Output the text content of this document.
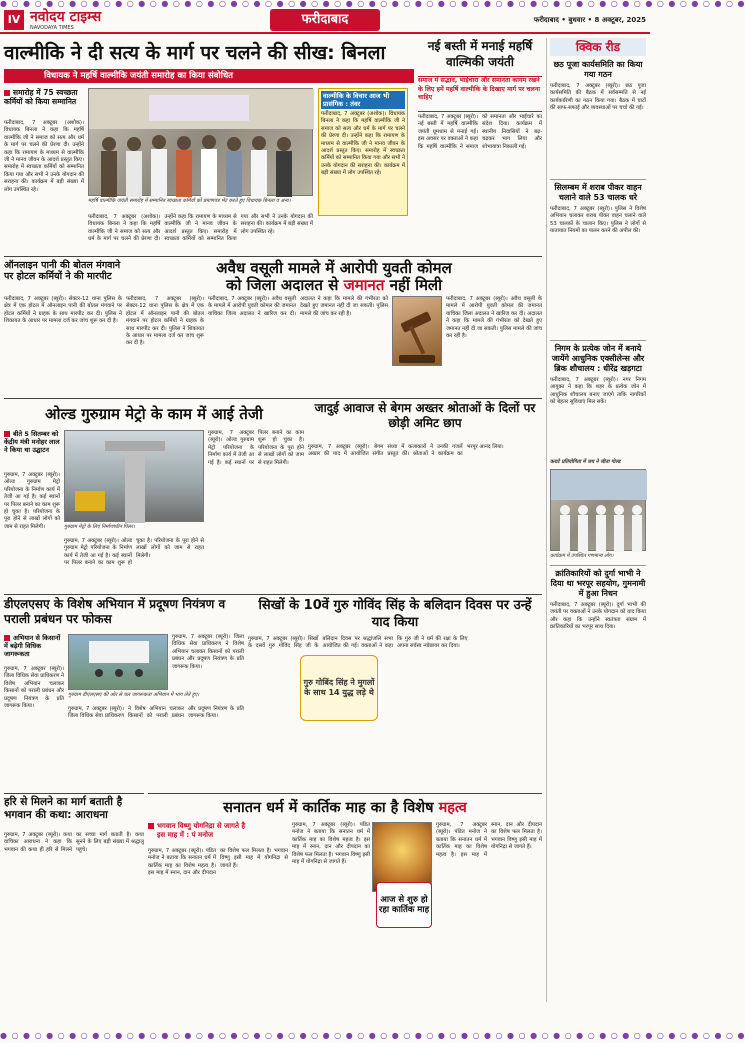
● ○ ● ○ ● ○ ● ○ ● ○ ● ○ ● ○ ● ○ ● ○ ● ○ ● ○ ● ○ ● ○ ● ○ ● ○ ● ○ ● ○ ● ○ ● ○ ● ○ ● ○ ● ○ ● ○ ● ○ ● ○ ● ○ ● ○ ● ○ ● ○ ● ○ ● ○ ● ○ ●
IV नवोदय टाइम्स
NAVODAYA TIMES
फरीदाबाद	फरीदाबाद • बुधवार • 8 अक्टूबर, 2025
वाल्मीकि ने दी सत्य के मार्ग पर चलने की सीख: बिनला
विधायक ने महर्षि वाल्मीकि जयंती समारोह का किया संबोधित
समारोह में 75 स्वच्छता कर्मियों को किया सम्मानित
फरीदाबाद, 7 अक्टूबर (अशोक)। विधायक बिनला ने कहा कि महर्षि वाल्मीकि जी ने समाज को सत्य और धर्म के मार्ग पर चलने की प्रेरणा दी। उन्होंने कहा कि रामायण के माध्यम से वाल्मीकि जी ने मानव जीवन के आदर्श प्रस्तुत किए। समारोह में स्वच्छता कर्मियों को सम्मानित किया गया और सभी ने उनके योगदान की सराहना की। कार्यक्रम में बड़ी संख्या में लोग उपस्थित रहे।
महर्षि वाल्मीकि जयंती समारोह में सम्मानित स्वच्छता कर्मियों को प्रमाणपत्र भेंट करते हुए विधायक बिनला व अन्य।
वाल्मीकि के विचार आज भी प्रासंगिक : तंवर
फरीदाबाद, 7 अक्टूबर (अशोक)। विधायक बिनला ने कहा कि महर्षि वाल्मीकि जी ने समाज को सत्य और धर्म के मार्ग पर चलने की प्रेरणा दी। उन्होंने कहा कि रामायण के माध्यम से वाल्मीकि जी ने मानव जीवन के आदर्श प्रस्तुत किए। समारोह में स्वच्छता कर्मियों को सम्मानित किया गया और सभी ने उनके योगदान की सराहना की। कार्यक्रम में बड़ी संख्या में लोग उपस्थित रहे।
फरीदाबाद, 7 अक्टूबर (अशोक)। विधायक बिनला ने कहा कि महर्षि वाल्मीकि जी ने समाज को सत्य और धर्म के मार्ग पर चलने की प्रेरणा दी। उन्होंने कहा कि रामायण के माध्यम से वाल्मीकि जी ने मानव जीवन के आदर्श प्रस्तुत किए। समारोह में स्वच्छता कर्मियों को सम्मानित किया गया और सभी ने उनके योगदान की सराहना की। कार्यक्रम में बड़ी संख्या में लोग उपस्थित रहे।
नई बस्ती में मनाई महर्षि वाल्मिकी जयंती
समाज में सद्भाव, भाईचारा और समानता कायम रखने के लिए हमें महर्षि वाल्मीकि के दिखाए मार्ग पर चलना चाहिए
फरीदाबाद, 7 अक्टूबर (ब्यूरो)। नई बस्ती में महर्षि वाल्मीकि जयंती धूमधाम से मनाई गई। इस अवसर पर वक्ताओं ने कहा कि महर्षि वाल्मीकि ने समाज को समानता और भाईचारे का संदेश दिया। कार्यक्रम में स्थानीय निवासियों ने बढ़-चढ़कर भाग लिया और शोभायात्रा निकाली गई।
क्विक रीड
छठ पूजा कार्यसमिति का किया गया गठन
फरीदाबाद, 7 अक्टूबर (ब्यूरो)। छठ पूजा कार्यसमिति की बैठक में सर्वसम्मति से नई कार्यकारिणी का गठन किया गया। बैठक में घाटों की साफ-सफाई और व्यवस्थाओं पर चर्चा की गई।
सिलम्बम में शराब पीकर वाहन चलाने वाले 53 चालक धरे
फरीदाबाद, 7 अक्टूबर (ब्यूरो)। पुलिस ने विशेष अभियान चलाकर शराब पीकर वाहन चलाने वाले 53 चालकों के चालान किए। पुलिस ने लोगों से यातायात नियमों का पालन करने की अपील की।
निगम के प्रत्येक जोन में बनाये जायेंगे आधुनिक एक्सीलेन्स और ब्रिक शौचालय : धीरेंद्र खड़गटा
फरीदाबाद, 7 अक्टूबर (ब्यूरो)। नगर निगम आयुक्त ने कहा कि शहर के प्रत्येक जोन में आधुनिक शौचालय बनाए जाएंगे ताकि नागरिकों को बेहतर सुविधाएं मिल सकें।
कराटे प्रतियोगिता में जय ने जीता गोल्ड
कार्यक्रम में उपस्थित गणमान्य लोग।
क्रांतिकारियों को दुर्गा भाभी ने दिया था भरपूर सहयोग, गुमनामी में हुआ निधन
फरीदाबाद, 7 अक्टूबर (ब्यूरो)। दुर्गा भाभी की जयंती पर वक्ताओं ने उनके योगदान को याद किया और कहा कि उन्होंने स्वतंत्रता संग्राम में क्रांतिकारियों का भरपूर साथ दिया।
ऑनलाइन पानी की बोतल मंगवाने पर होटल कर्मियों ने की मारपीट
फरीदाबाद, 7 अक्टूबर (ब्यूरो)। सेक्टर-12 थाना पुलिस के क्षेत्र में एक होटल में ऑनलाइन पानी की बोतल मंगवाने पर होटल कर्मियों ने ग्राहक के साथ मारपीट कर दी। पुलिस ने शिकायत के आधार पर मामला दर्ज कर जांच शुरू कर दी है।
फरीदाबाद, 7 अक्टूबर (ब्यूरो)। सेक्टर-12 थाना पुलिस के क्षेत्र में एक होटल में ऑनलाइन पानी की बोतल मंगवाने पर होटल कर्मियों ने ग्राहक के साथ मारपीट कर दी। पुलिस ने शिकायत के आधार पर मामला दर्ज कर जांच शुरू कर दी है।
अवैध वसूली मामले में आरोपी युवती कोमल
को जिला अदालत से जमानत नहीं मिली
फरीदाबाद, 7 अक्टूबर (ब्यूरो)। अवैध वसूली के मामले में आरोपी युवती कोमल की जमानत याचिका जिला अदालत ने खारिज कर दी। अदालत ने कहा कि मामले की गंभीरता को देखते हुए जमानत नहीं दी जा सकती। पुलिस मामले की जांच कर रही है।
फरीदाबाद, 7 अक्टूबर (ब्यूरो)। अवैध वसूली के मामले में आरोपी युवती कोमल की जमानत याचिका जिला अदालत ने खारिज कर दी। अदालत ने कहा कि मामले की गंभीरता को देखते हुए जमानत नहीं दी जा सकती। पुलिस मामले की जांच कर रही है।
ओल्ड गुरुग्राम मेट्रो के काम में आई तेजी
बीते 5 सितम्बर को केंद्रीय मंत्री मनोहर लाल ने किया था उद्घाटन
गुरुग्राम, 7 अक्टूबर (ब्यूरो)। ओल्ड गुरुग्राम मेट्रो परियोजना के निर्माण कार्य में तेजी आ गई है। कई स्थानों पर पिलर बनाने का काम शुरू हो चुका है। परियोजना के पूरा होने से लाखों लोगों को जाम से राहत मिलेगी।	गुरुग्राम मेट्रो के लिए निर्माणाधीन पिलर।
गुरुग्राम, 7 अक्टूबर (ब्यूरो)। ओल्ड गुरुग्राम मेट्रो परियोजना के निर्माण कार्य में तेजी आ गई है। कई स्थानों पर पिलर बनाने का काम शुरू हो चुका है। परियोजना के पूरा होने से लाखों लोगों को जाम से राहत मिलेगी।
गुरुग्राम, 7 अक्टूबर (ब्यूरो)। ओल्ड गुरुग्राम मेट्रो परियोजना के निर्माण कार्य में तेजी आ गई है। कई स्थानों पर पिलर बनाने का काम शुरू हो चुका है। परियोजना के पूरा होने से लाखों लोगों को जाम से राहत मिलेगी।
जादुई आवाज से बेगम अख्तर श्रोताओं के दिलों पर छोड़ी अमिट छाप
गुरुग्राम, 7 अक्टूबर (ब्यूरो)। बेगम अख्तर की याद में आयोजित संगीत संध्या में कलाकारों ने उनकी गजलें प्रस्तुत कीं। श्रोताओं ने कार्यक्रम का भरपूर आनंद लिया।
डीएलएसए के विशेष अभियान में प्रदूषण नियंत्रण व पराली प्रबंधन पर फोकस
अभियान से किसानों में बढ़ेगी विधिक जागरूकता
गुरुग्राम, 7 अक्टूबर (ब्यूरो)। जिला विधिक सेवा प्राधिकरण ने विशेष अभियान चलाकर किसानों को पराली प्रबंधन और प्रदूषण नियंत्रण के प्रति जागरूक किया।
गुरुग्राम डीएलएसए की ओर से चल जागरूकता अभियान में भाग लेते हुए।
गुरुग्राम, 7 अक्टूबर (ब्यूरो)। जिला विधिक सेवा प्राधिकरण ने विशेष अभियान चलाकर किसानों को पराली प्रबंधन और प्रदूषण नियंत्रण के प्रति जागरूक किया।
गुरुग्राम, 7 अक्टूबर (ब्यूरो)। जिला विधिक सेवा प्राधिकरण ने विशेष अभियान चलाकर किसानों को पराली प्रबंधन और प्रदूषण नियंत्रण के प्रति जागरूक किया।
सिखों के 10वें गुरु गोविंद सिंह के बलिदान दिवस पर उन्हें याद किया
गुरुग्राम, 7 अक्टूबर (ब्यूरो)। सिखों के दसवें गुरु गोविंद सिंह जी के बलिदान दिवस पर श्रद्धांजलि सभा आयोजित की गई। वक्ताओं ने कहा कि गुरु जी ने धर्म की रक्षा के लिए अपना सर्वस्व न्योछावर कर दिया।
गुरु गोबिंद सिंह ने मुगलों के साथ 14 युद्ध लड़े थे
हरि से मिलने का मार्ग बताती है भगवान की कथा: आराधना
गुरुग्राम, 7 अक्टूबर (ब्यूरो)। कथा वाचिका आराधना ने कहा कि भगवान की कथा ही हरि से मिलने का सच्चा मार्ग बताती है। कथा सुनने के लिए बड़ी संख्या में श्रद्धालु पहुंचे।
सनातन धर्म में कार्तिक माह का है विशेष महत्व
भगवान विष्णु योगनिद्रा से जागते है
इस माह में : पं मनोज
गुरुग्राम, 7 अक्टूबर (ब्यूरो)। पंडित मनोज ने बताया कि सनातन धर्म में कार्तिक माह का विशेष महत्व है। इस माह में स्नान, दान और दीपदान का विशेष फल मिलता है। भगवान विष्णु इसी माह में योगनिद्रा से जागते हैं।
गुरुग्राम, 7 अक्टूबर (ब्यूरो)। पंडित मनोज ने बताया कि सनातन धर्म में कार्तिक माह का विशेष महत्व है। इस माह में स्नान, दान और दीपदान का विशेष फल मिलता है। भगवान विष्णु इसी माह में योगनिद्रा से जागते हैं।
आज से शुरु हो रहा कार्तिक माह
गुरुग्राम, 7 अक्टूबर (ब्यूरो)। पंडित मनोज ने बताया कि सनातन धर्म में कार्तिक माह का विशेष महत्व है। इस माह में स्नान, दान और दीपदान का विशेष फल मिलता है। भगवान विष्णु इसी माह में योगनिद्रा से जागते हैं।
● ○ ● ○ ● ○ ● ○ ● ○ ● ○ ● ○ ● ○ ● ○ ● ○ ● ○ ● ○ ● ○ ● ○ ● ○ ● ○ ● ○ ● ○ ● ○ ● ○ ● ○ ● ○ ● ○ ● ○ ● ○ ● ○ ● ○ ● ○ ● ○ ● ○ ● ○ ● ○ ●
